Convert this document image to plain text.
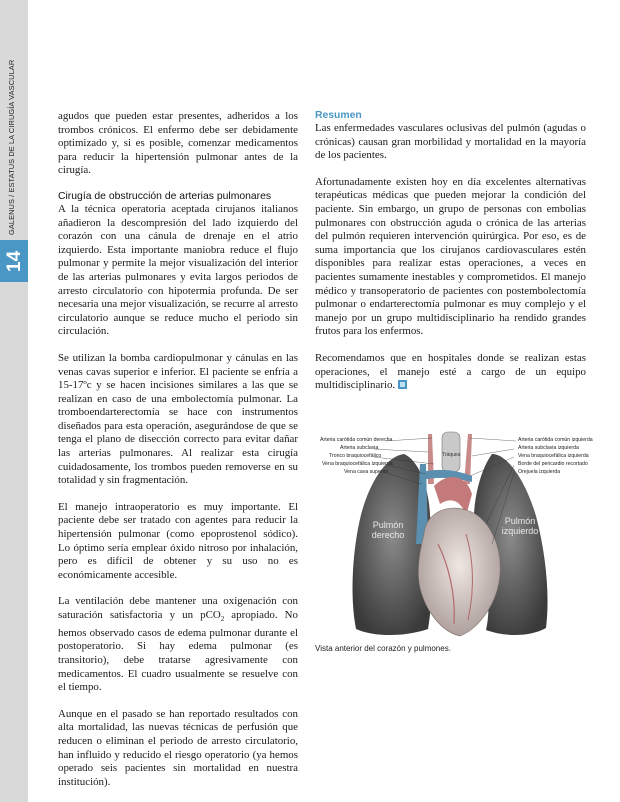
14
GALENUS / ESTATUS DE LA CIRUGÍA VASCULAR	agudos que pueden estar presentes, adheridos a los trombos crónicos. El enfermo debe ser debidamente optimizado y, si es posible, comenzar medicamentos para reducir la hipertensión pulmonar antes de la cirugía.

Cirugía de obstrucción de arterias pulmonares

A la técnica operatoria aceptada cirujanos italianos añadieron la descompresión del lado izquierdo del corazón con una cánula de drenaje en el atrio izquierdo. Esta importante maniobra reduce el flujo pulmonar y permite la mejor visualización del interior de las arterias pulmonares y evita largos periodos de arresto circulatorio con hipotermia profunda. De ser necesaria una mejor visualización, se recurre al arresto circulatorio aunque se reduce mucho el periodo sin circulación.

Se utilizan la bomba cardiopulmonar y cánulas en las venas cavas superior e inferior. El paciente se enfría a 15-17ºc y se hacen incisiones similares a las que se realizan en caso de una embolectomía pulmonar. La tromboendarterectomía se hace con instrumentos diseñados para esta operación, asegurándose de que se tenga el plano de disección correcto para evitar dañar las arterias pulmonares. Al realizar esta cirugía cuidadosamente, los trombos pueden removerse en su totalidad y sin fragmentación.

El manejo intraoperatorio es muy importante. El paciente debe ser tratado con agentes para reducir la hipertensión pulmonar (como epoprostenol sódico). Lo óptimo sería emplear óxido nitroso por inhalación, pero es difícil de obtener y su uso no es económicamente accesible.

La ventilación debe mantener una oxigenación con saturación satisfactoria y un pCO$_2$ apropiado. No hemos observado casos de edema pulmonar durante el postoperatorio. Si hay edema pulmonar (es transitorio), debe tratarse agresivamente con medicamentos. El cuadro usualmente se resuelve con el tiempo.

Aunque en el pasado se han reportado resultados con alta mortalidad, las nuevas técnicas de perfusión que reducen o eliminan el periodo de arresto circulatorio, han influido y reducido el riesgo operatorio (ya hemos operado seis pacientes sin mortalidad en nuestra institución).

Resumen

Las enfermedades vasculares oclusivas del pulmón (agudas o crónicas) causan gran morbilidad y mortalidad en la mayoría de los pacientes.

Afortunadamente existen hoy en día excelentes alternativas terapéuticas médicas que pueden mejorar la condición del paciente. Sin embargo, un grupo de personas con embolias pulmonares con obstrucción aguda o crónica de las arterias del pulmón requieren intervención quirúrgica. Por eso, es de suma importancia que los cirujanos cardiovasculares estén disponibles para realizar estas operaciones, a veces en pacientes sumamente inestables y comprometidos. El manejo médico y transoperatorio de pacientes con postembolectomía pulmonar o endarterectomía pulmonar es muy complejo y el manejo por un grupo multidisciplinario ha rendido grandes frutos para los enfermos.

Recomendamos que en hospitales donde se realizan estas operaciones, el manejo esté a cargo de un equipo multidisciplinario.

Arteria carótida común derecha
Arteria subclavia
Tronco braquiocefálico
Vena braquiocefálica izquierda
Vena cava superior
Arteria carótida común izquierda
Arteria subclavia izquierda
Vena braquiocefálica izquierda
Borde del pericardio recortado
Orejuela izquierda
Pulmón derecho
Pulmón izquierdo
Tráquea
Vista anterior del corazón y pulmones.
